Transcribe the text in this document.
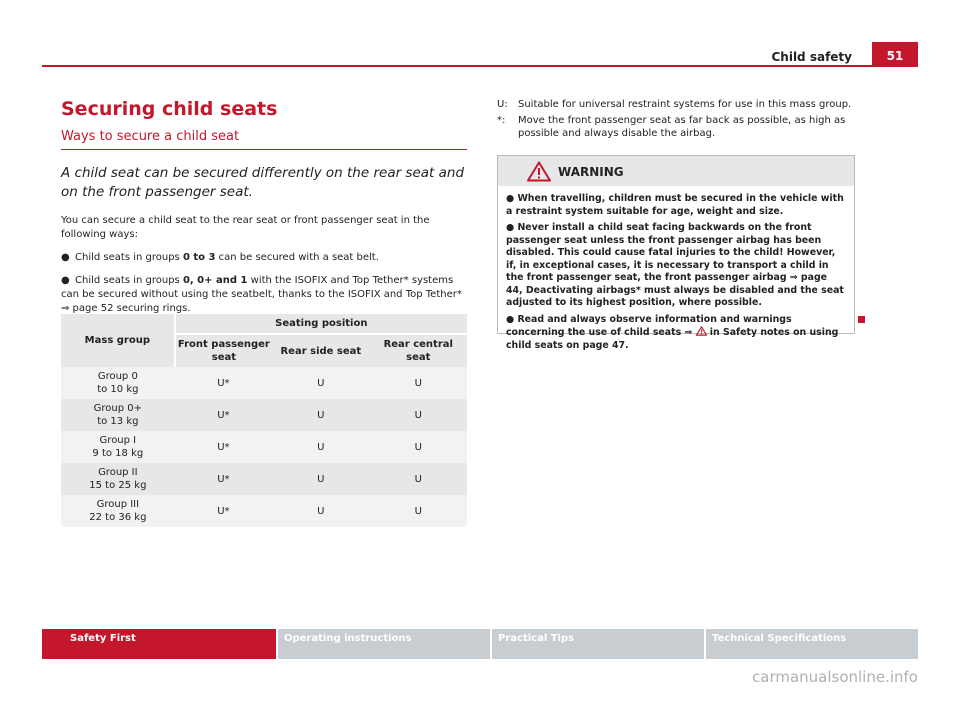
Child safety	51
Securing child seats
Ways to secure a child seat

A child seat can be secured differently on the rear seat and on the front passenger seat.

You can secure a child seat to the rear seat or front passenger seat in the following ways:

● Child seats in groups 0 to 3 can be secured with a seat belt.

● Child seats in groups 0, 0+ and 1 with the ISOFIX and Top Tether* systems can be secured without using the seatbelt, thanks to the ISOFIX and Top Tether* ⇒ page 52 securing rings.

Mass group	Seating position		
	Front passenger seat	Rear side seat	Rear central seat
Group 0
to 10 kg	U*	U	U
Group 0+
to 13 kg	U*	U	U
Group I
9 to 18 kg	U*	U	U
Group II
15 to 25 kg	U*	U	U
Group III
22 to 36 kg	U*	U	U
U:	Suitable for universal restraint systems for use in this mass group.
*:	Move the front passenger seat as far back as possible, as high as possible and always disable the airbag.
WARNING

● When travelling, children must be secured in the vehicle with a restraint system suitable for age, weight and size.

● Never install a child seat facing backwards on the front passenger seat unless the front passenger airbag has been disabled. This could cause fatal injuries to the child! However, if, in exceptional cases, it is necessary to transport a child in the front passenger seat, the front passenger airbag ⇒ page 44, Deactivating airbags* must always be disabled and the seat adjusted to its highest position, where possible.

● Read and always observe information and warnings concerning the use of child seats ⇒  in Safety notes on using child seats on page 47.

Safety First	Operating instructions	Practical Tips	Technical Specifications
carmanualsonline.info
